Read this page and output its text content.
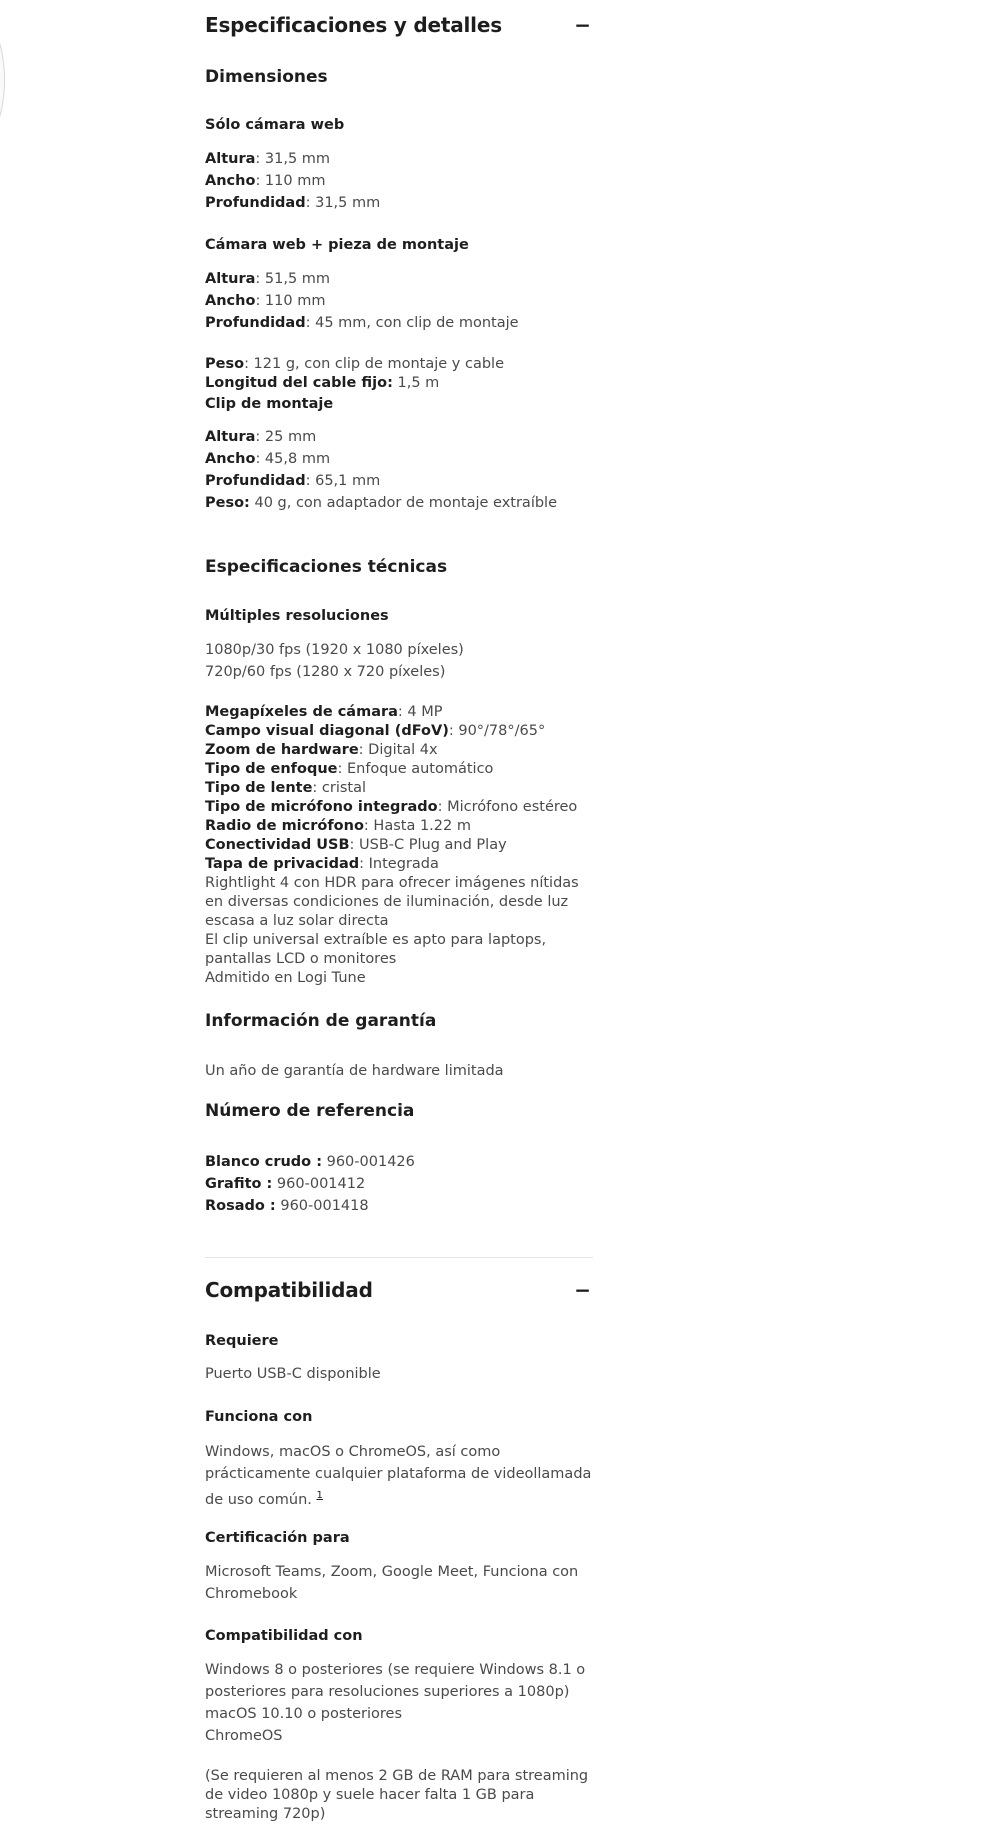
Especificaciones y detalles	−
Dimensiones
Sólo cámara web
Altura: 31,5 mm
Ancho: 110 mm
Profundidad: 31,5 mm
Cámara web + pieza de montaje
Altura: 51,5 mm
Ancho: 110 mm
Profundidad: 45 mm, con clip de montaje
Peso: 121 g, con clip de montaje y cable
Longitud del cable fijo: 1,5 m
Clip de montaje
Altura: 25 mm
Ancho: 45,8 mm
Profundidad: 65,1 mm
Peso: 40 g, con adaptador de montaje extraíble
Especificaciones técnicas
Múltiples resoluciones
1080p/30 fps (1920 x 1080 píxeles)
720p/60 fps (1280 x 720 píxeles)
Megapíxeles de cámara: 4 MP
Campo visual diagonal (dFoV): 90°/78°/65°
Zoom de hardware: Digital 4x
Tipo de enfoque: Enfoque automático
Tipo de lente: cristal
Tipo de micrófono integrado: Micrófono estéreo
Radio de micrófono: Hasta 1.22 m
Conectividad USB: USB-C Plug and Play
Tapa de privacidad: Integrada
Rightlight 4 con HDR para ofrecer imágenes nítidas en diversas condiciones de iluminación, desde luz escasa a luz solar directa
El clip universal extraíble es apto para laptops, pantallas LCD o monitores
Admitido en Logi Tune
Información de garantía
Un año de garantía de hardware limitada
Número de referencia
Blanco crudo : 960-001426
Grafito : 960-001412
Rosado : 960-001418
Compatibilidad	−
Requiere
Puerto USB-C disponible
Funciona con
Windows, macOS o ChromeOS, así como prácticamente cualquier plataforma de videollamada de uso común. $^1$
Certificación para
Microsoft Teams, Zoom, Google Meet, Funciona con Chromebook
Compatibilidad con
Windows 8 o posteriores (se requiere Windows 8.1 o posteriores para resoluciones superiores a 1080p)
macOS 10.10 o posteriores
ChromeOS
(Se requieren al menos 2 GB de RAM para streaming de video 1080p y suele hacer falta 1 GB para streaming 720p)
